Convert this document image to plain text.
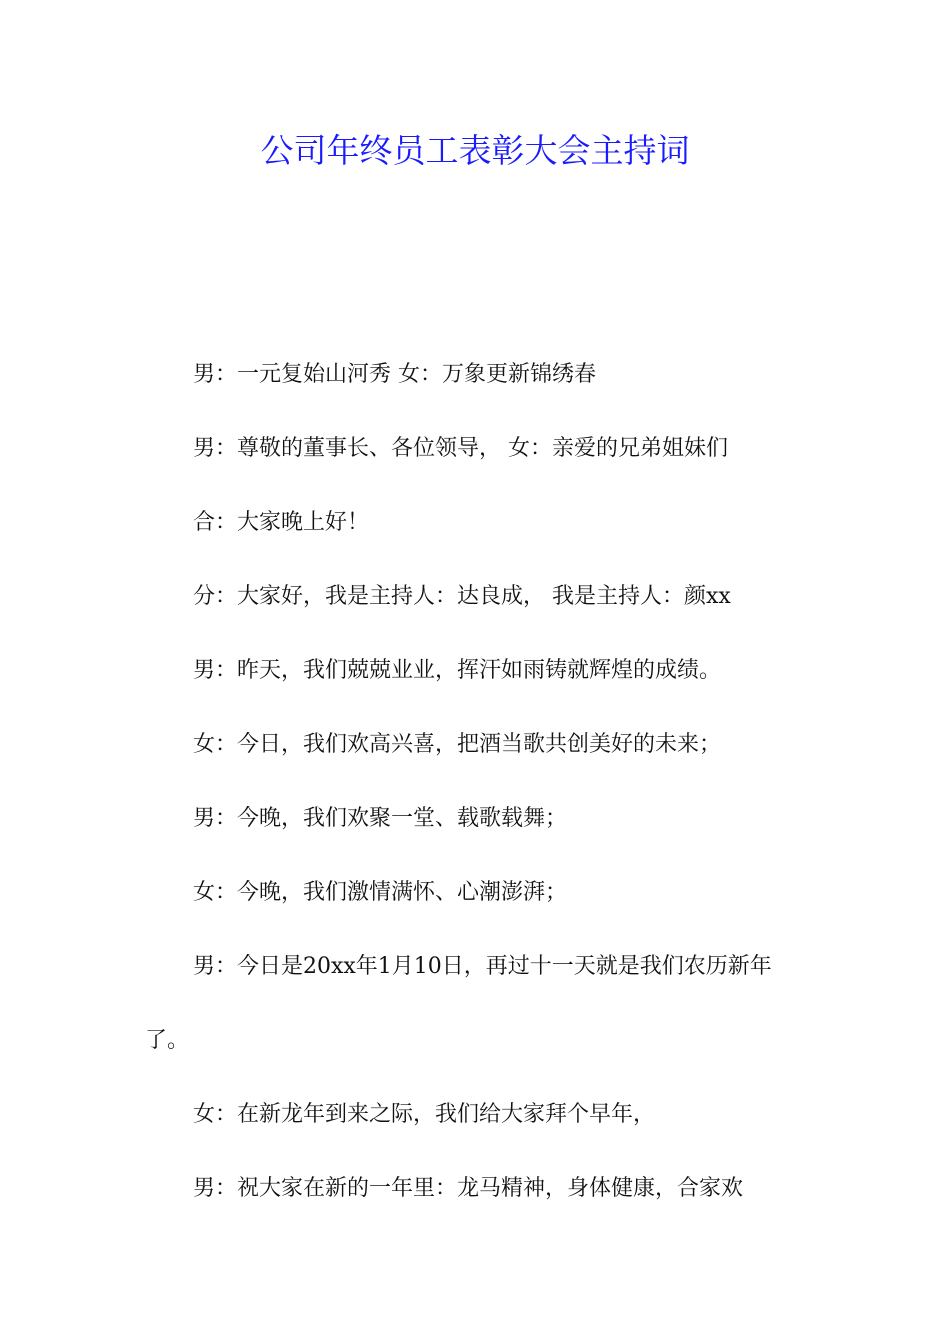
公司年终员工表彰大会主持词

男：一元复始山河秀 女：万象更新锦绣春

男：尊敬的董事长、各位领导， 女：亲爱的兄弟姐妹们

合：大家晚上好！

分：大家好，我是主持人：达良成， 我是主持人：颜xx

男：昨天，我们兢兢业业，挥汗如雨铸就辉煌的成绩。

女：今日，我们欢高兴喜，把酒当歌共创美好的未来；

男：今晚，我们欢聚一堂、载歌载舞；

女：今晚，我们激情满怀、心潮澎湃；

男：今日是20xx年1月10日，再过十一天就是我们农历新年了。

女：在新龙年到来之际，我们给大家拜个早年，

男：祝大家在新的一年里：龙马精神，身体健康，合家欢
